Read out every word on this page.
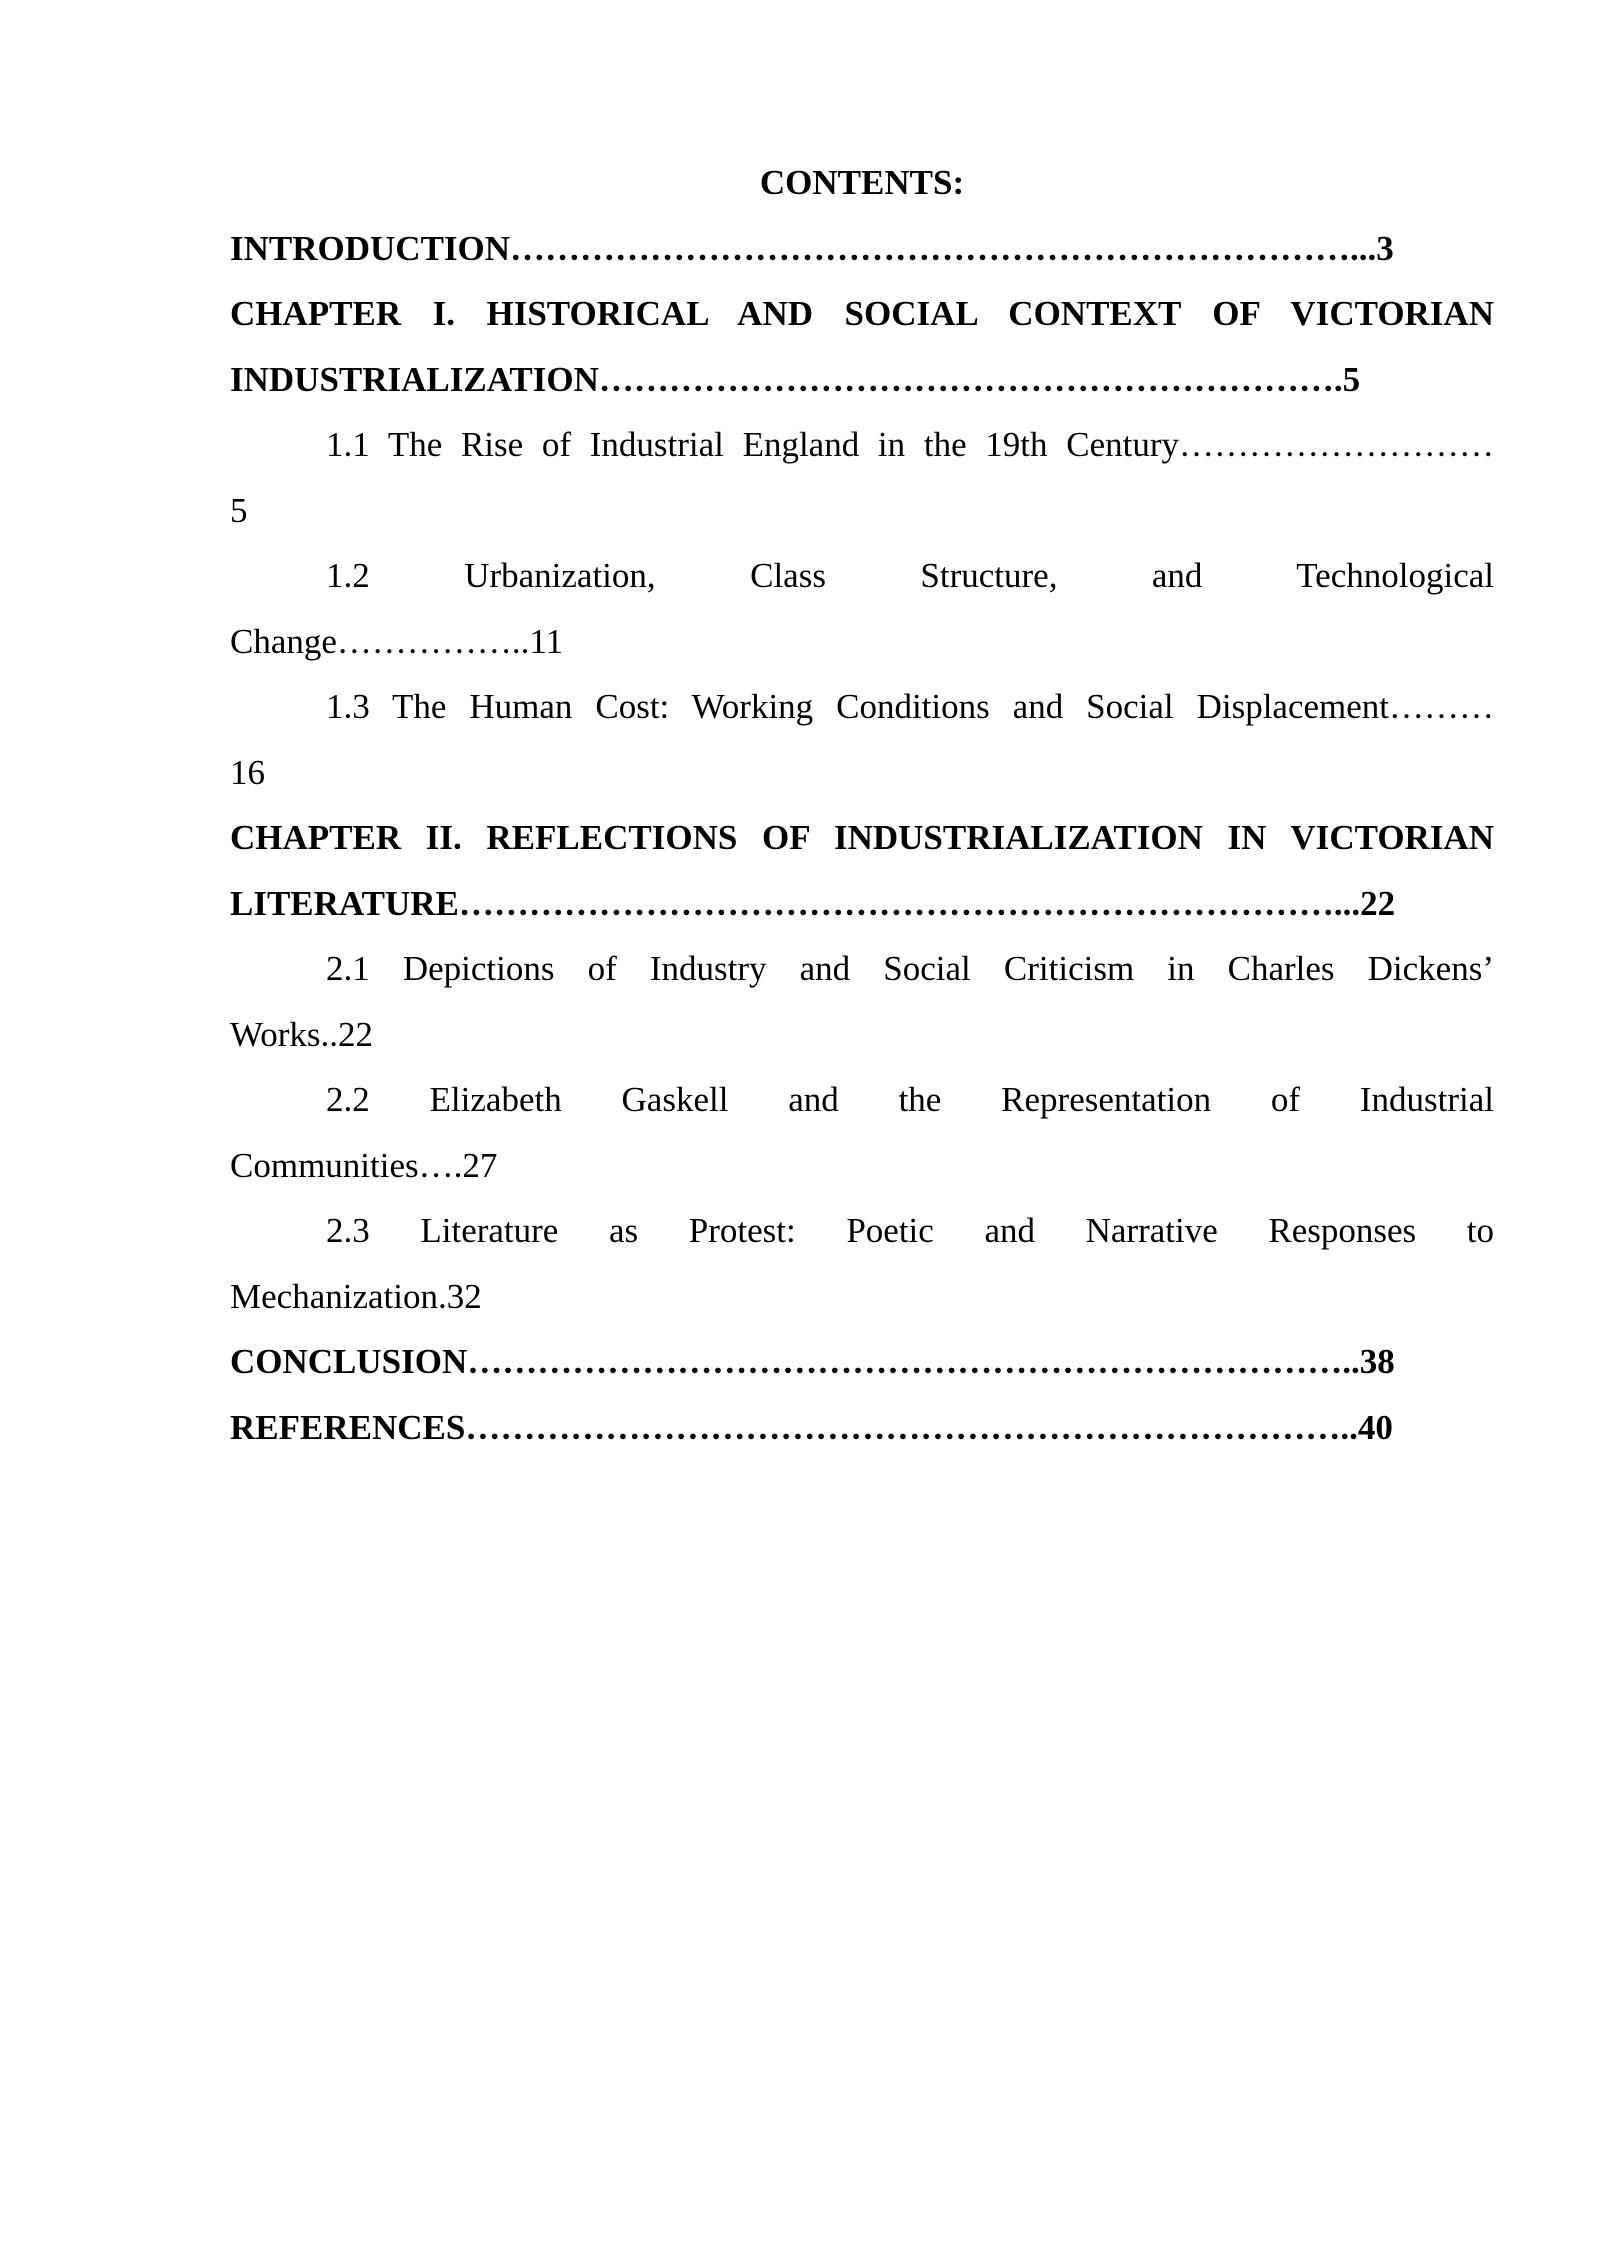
CONTENTS:

INTRODUCTION………………………………………………………………...3

CHAPTER I. HISTORICAL AND SOCIAL CONTEXT OF VICTORIAN
INDUSTRIALIZATION……………………………………………………….5

1.1 The Rise of Industrial England in the 19th Century………………………
5

1.2 Urbanization, Class Structure, and Technological
Change……………..11

1.3 The Human Cost: Working Conditions and Social Displacement………
16

CHAPTER II. REFLECTIONS OF INDUSTRIALIZATION IN VICTORIAN
LITERATURE…………………………………………………………………...22

2.1 Depictions of Industry and Social Criticism in Charles Dickens’
Works..22

2.2 Elizabeth Gaskell and the Representation of Industrial
Communities….27

2.3 Literature as Protest: Poetic and Narrative Responses to
Mechanization.32

CONCLUSION…………………………………………………………………..38

REFERENCES…………………………………………………………………..40
